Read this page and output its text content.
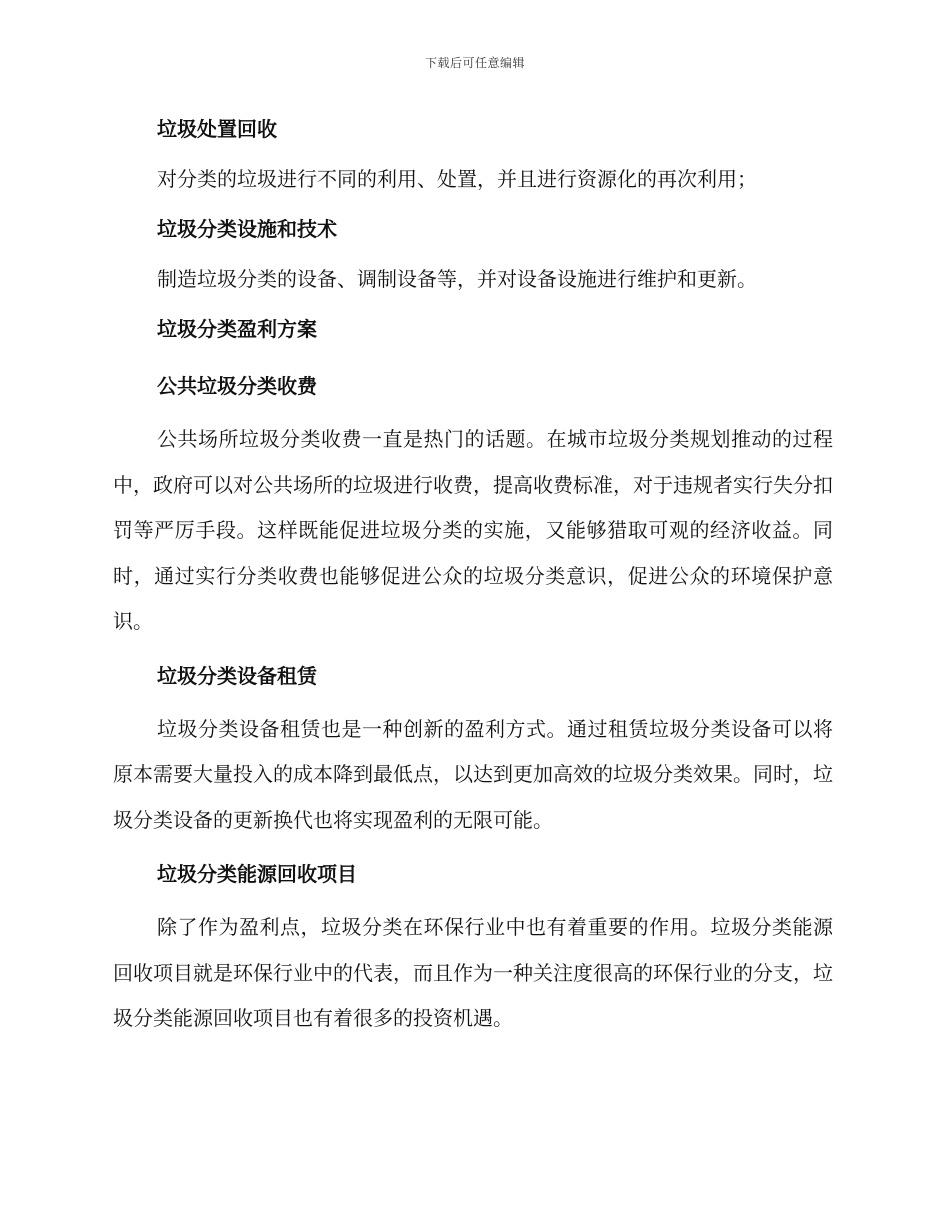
下载后可任意编辑
垃圾处置回收
对分类的垃圾进行不同的利用、处置，并且进行资源化的再次利用；
垃圾分类设施和技术
制造垃圾分类的设备、调制设备等，并对设备设施进行维护和更新。
垃圾分类盈利方案
公共垃圾分类收费

公共场所垃圾分类收费一直是热门的话题。在城市垃圾分类规划推动的过程中，政府可以对公共场所的垃圾进行收费，提高收费标准，对于违规者实行失分扣罚等严厉手段。这样既能促进垃圾分类的实施，又能够猎取可观的经济收益。同时，通过实行分类收费也能够促进公众的垃圾分类意识，促进公众的环境保护意识。

垃圾分类设备租赁

垃圾分类设备租赁也是一种创新的盈利方式。通过租赁垃圾分类设备可以将原本需要大量投入的成本降到最低点，以达到更加高效的垃圾分类效果。同时，垃圾分类设备的更新换代也将实现盈利的无限可能。

垃圾分类能源回收项目

除了作为盈利点，垃圾分类在环保行业中也有着重要的作用。垃圾分类能源回收项目就是环保行业中的代表，而且作为一种关注度很高的环保行业的分支，垃圾分类能源回收项目也有着很多的投资机遇。
